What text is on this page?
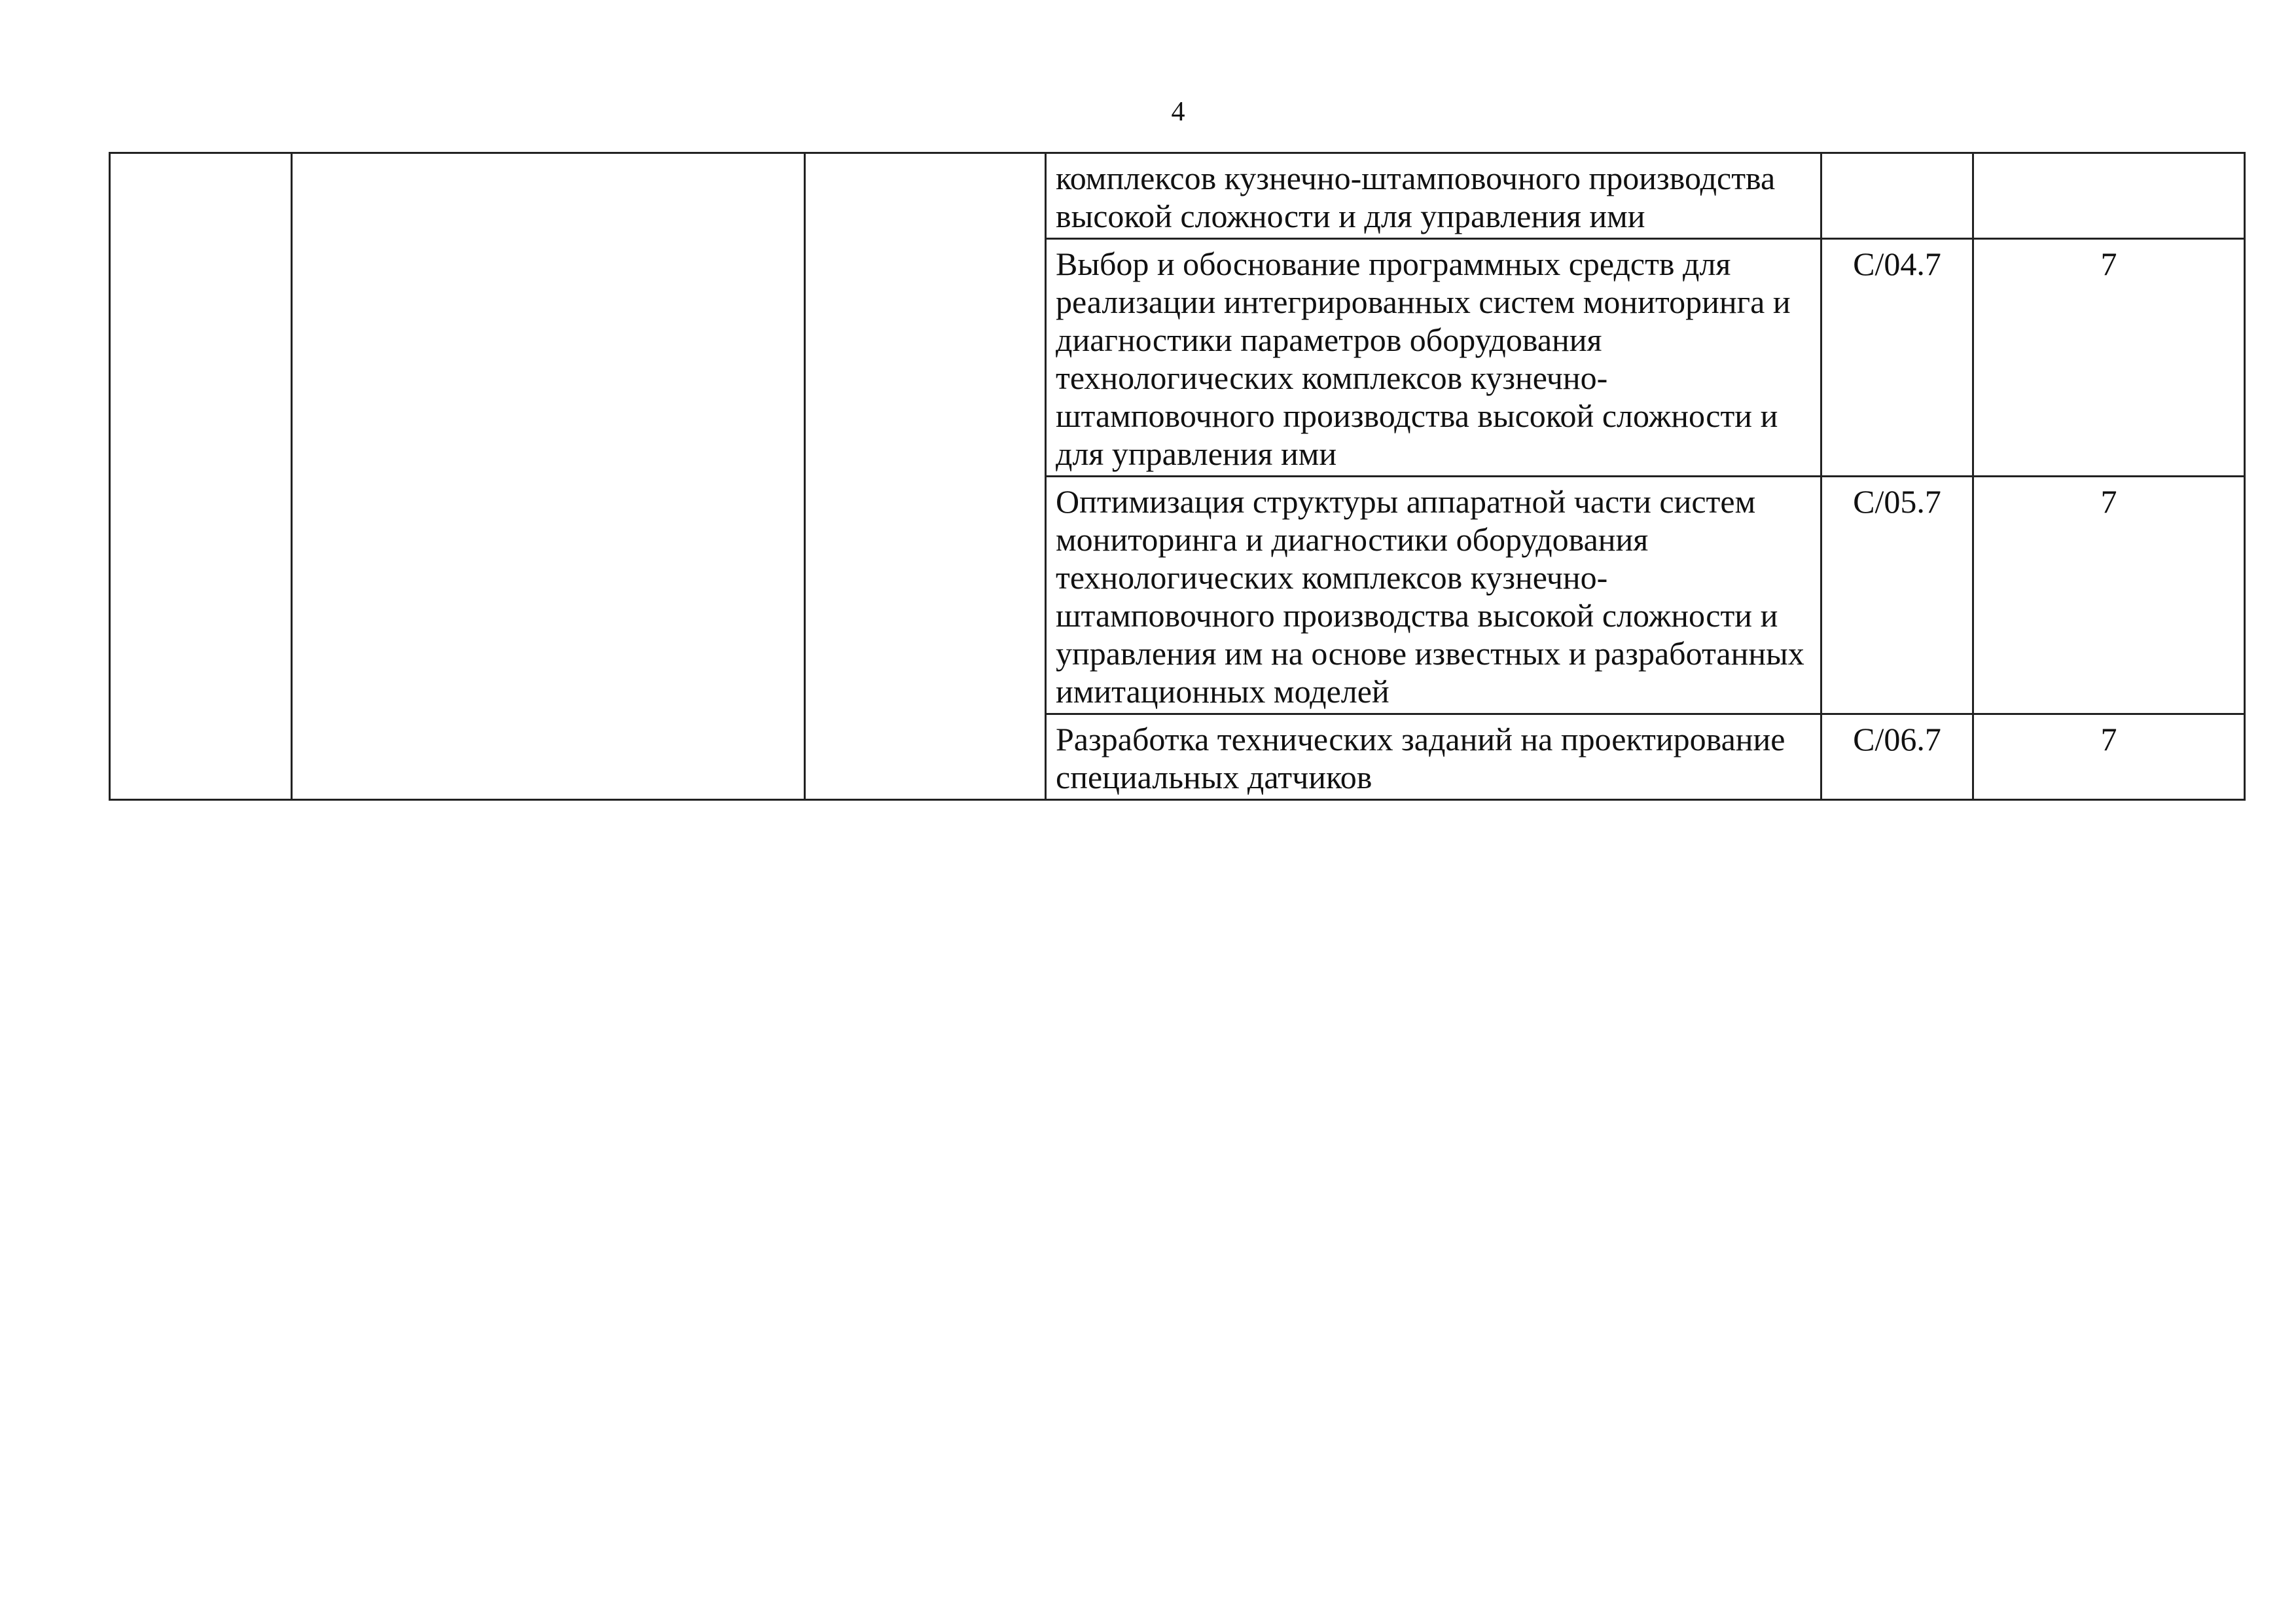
4
			комплексов кузнечно-штамповочного производства высокой сложности и для управления ими		
			Выбор и обоснование программных средств для реализации интегрированных систем мониторинга и диагностики параметров оборудования технологических комплексов кузнечно-штамповочного производства высокой сложности и для управления ими	C/04.7	7
			Оптимизация структуры аппаратной части систем мониторинга и диагностики оборудования технологических комплексов кузнечно-штамповочного производства высокой сложности и управления им на основе известных и разработанных имитационных моделей	C/05.7	7
			Разработка технических заданий на проектирование специальных датчиков	C/06.7	7
